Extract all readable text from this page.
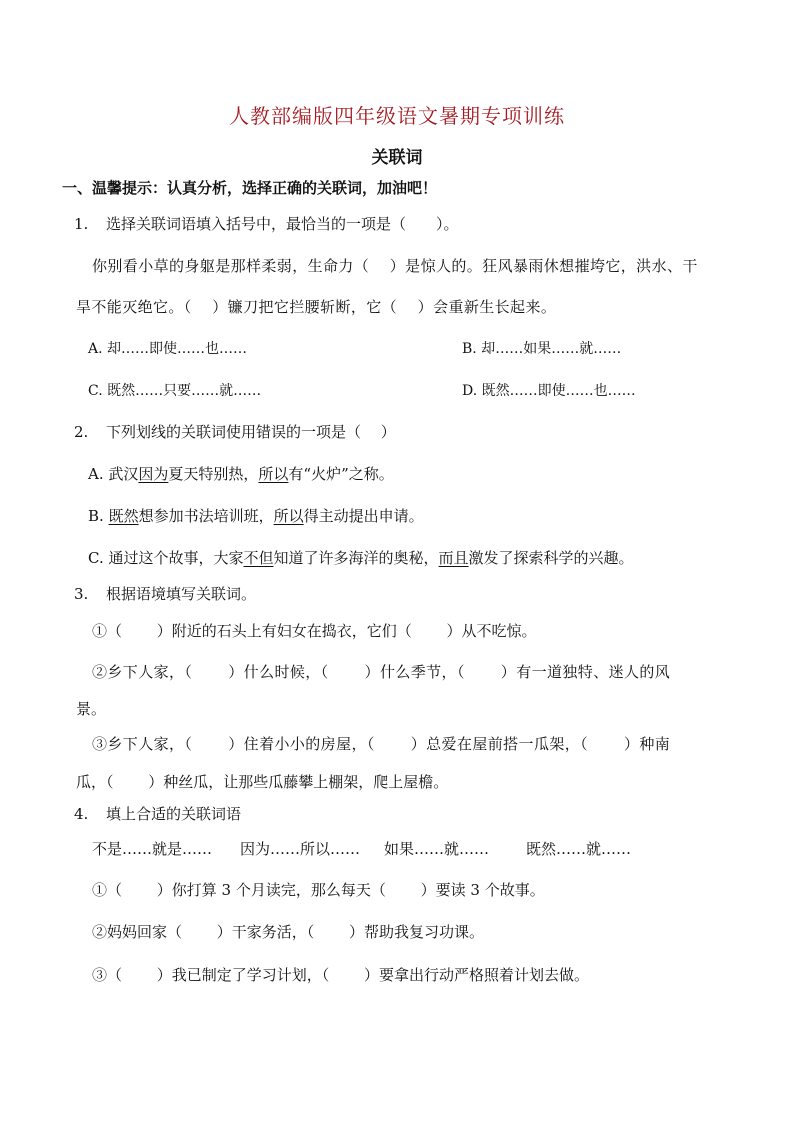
人教部编版四年级语文暑期专项训练
关联词
一、温馨提示：认真分析，选择正确的关联词，加油吧！
1. 选择关联词语填入括号中，最恰当的一项是（　　）。
你别看小草的身躯是那样柔弱，生命力（　 ）是惊人的。狂风暴雨休想摧垮它，洪水、干
旱不能灭绝它。（　 ）镰刀把它拦腰斩断，它（　 ）会重新生长起来。
A. 却……即使……也……	B. 却……如果……就……
C. 既然……只要……就……	D. 既然……即使……也……
2. 下列划线的关联词使用错误的一项是（　 ）
A. 武汉因为夏天特别热，所以有“火炉”之称。
B. 既然想参加书法培训班，所以得主动提出申请。
C. 通过这个故事，大家不但知道了许多海洋的奥秘，而且激发了探索科学的兴趣。
3. 根据语境填写关联词。
①（　　 ）附近的石头上有妇女在捣衣，它们（　　 ）从不吃惊。
②乡下人家，（　　 ）什么时候，（　　 ）什么季节，（　　 ）有一道独特、迷人的风
景。
③乡下人家，（　　 ）住着小小的房屋，（　　 ）总爱在屋前搭一瓜架，（　　 ）种南
瓜，（　　 ）种丝瓜，让那些瓜藤攀上棚架，爬上屋檐。
4. 填上合适的关联词语
不是……就是…… 因为……所以…… 如果……就…… 既然……就……
①（　　 ）你打算 3 个月读完，那么每天（　　 ）要读 3 个故事。
②妈妈回家（　　 ）干家务活，（　　 ）帮助我复习功课。
③（　　 ）我已制定了学习计划，（　　 ）要拿出行动严格照着计划去做。
